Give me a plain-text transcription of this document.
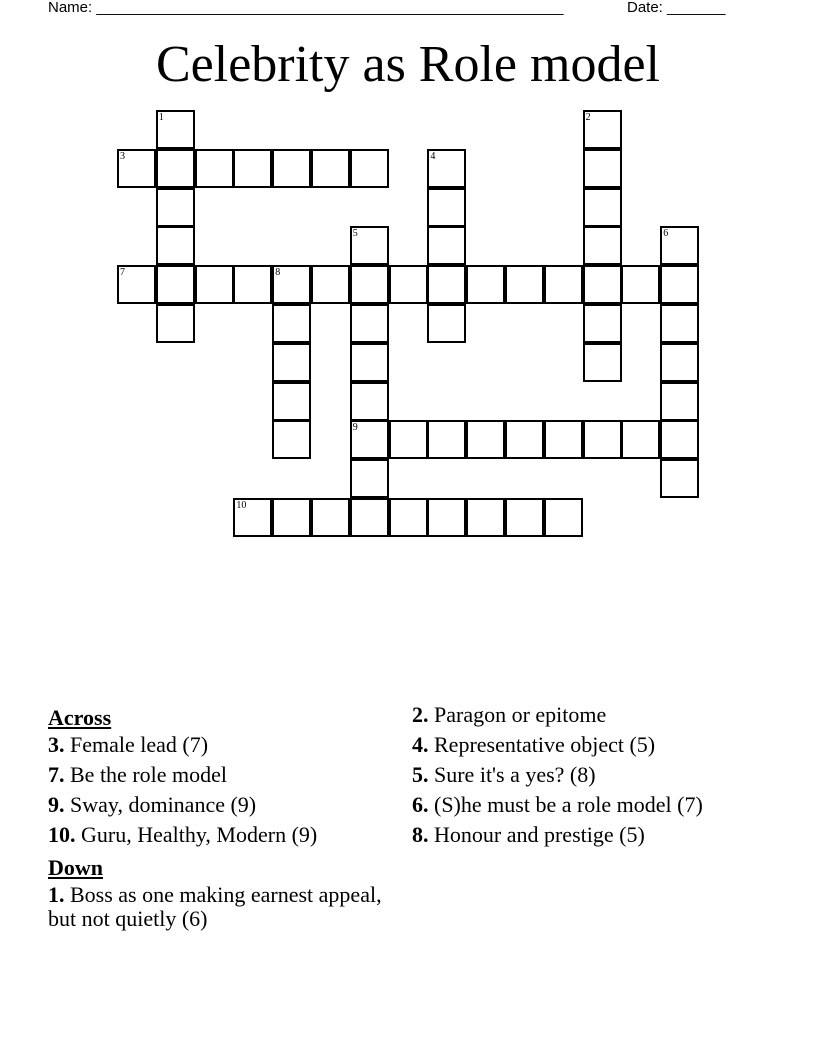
Name: ________________________________________________________	Date: _______
Celebrity as Role model
1	2
3	4
5	6
7	8
9
10
Across
3. Female lead (7)
7. Be the role model
9. Sway, dominance (9)
10. Guru, Healthy, Modern (9)
Down
1. Boss as one making earnest appeal, but not quietly (6)
2. Paragon or epitome
4. Representative object (5)
5. Sure it's a yes? (8)
6. (S)he must be a role model (7)
8. Honour and prestige (5)
